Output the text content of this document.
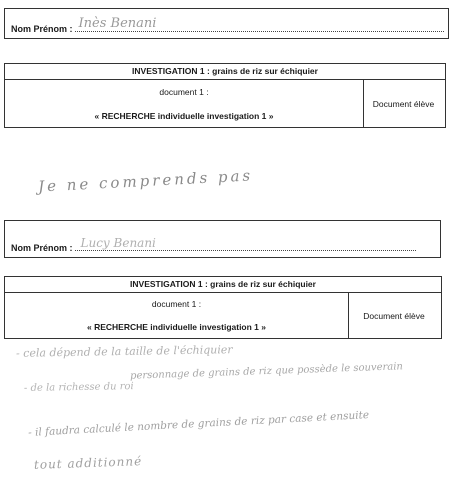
Nom Prénom : Inès Benani
INVESTIGATION 1 : grains de riz sur échiquier
document 1 :
« RECHERCHE individuelle investigation 1 »
Document élève
Je ne comprends pas
Nom Prénom : Lucy Benani
INVESTIGATION 1 : grains de riz sur échiquier
document 1 :
« RECHERCHE individuelle investigation 1 »
Document élève
- cela dépend de la taille de l'échiquier
personnage de grains de riz que possède le souverain
- de la richesse du roi
- il faudra calculé le nombre de grains de riz par case et ensuite
tout additionné
